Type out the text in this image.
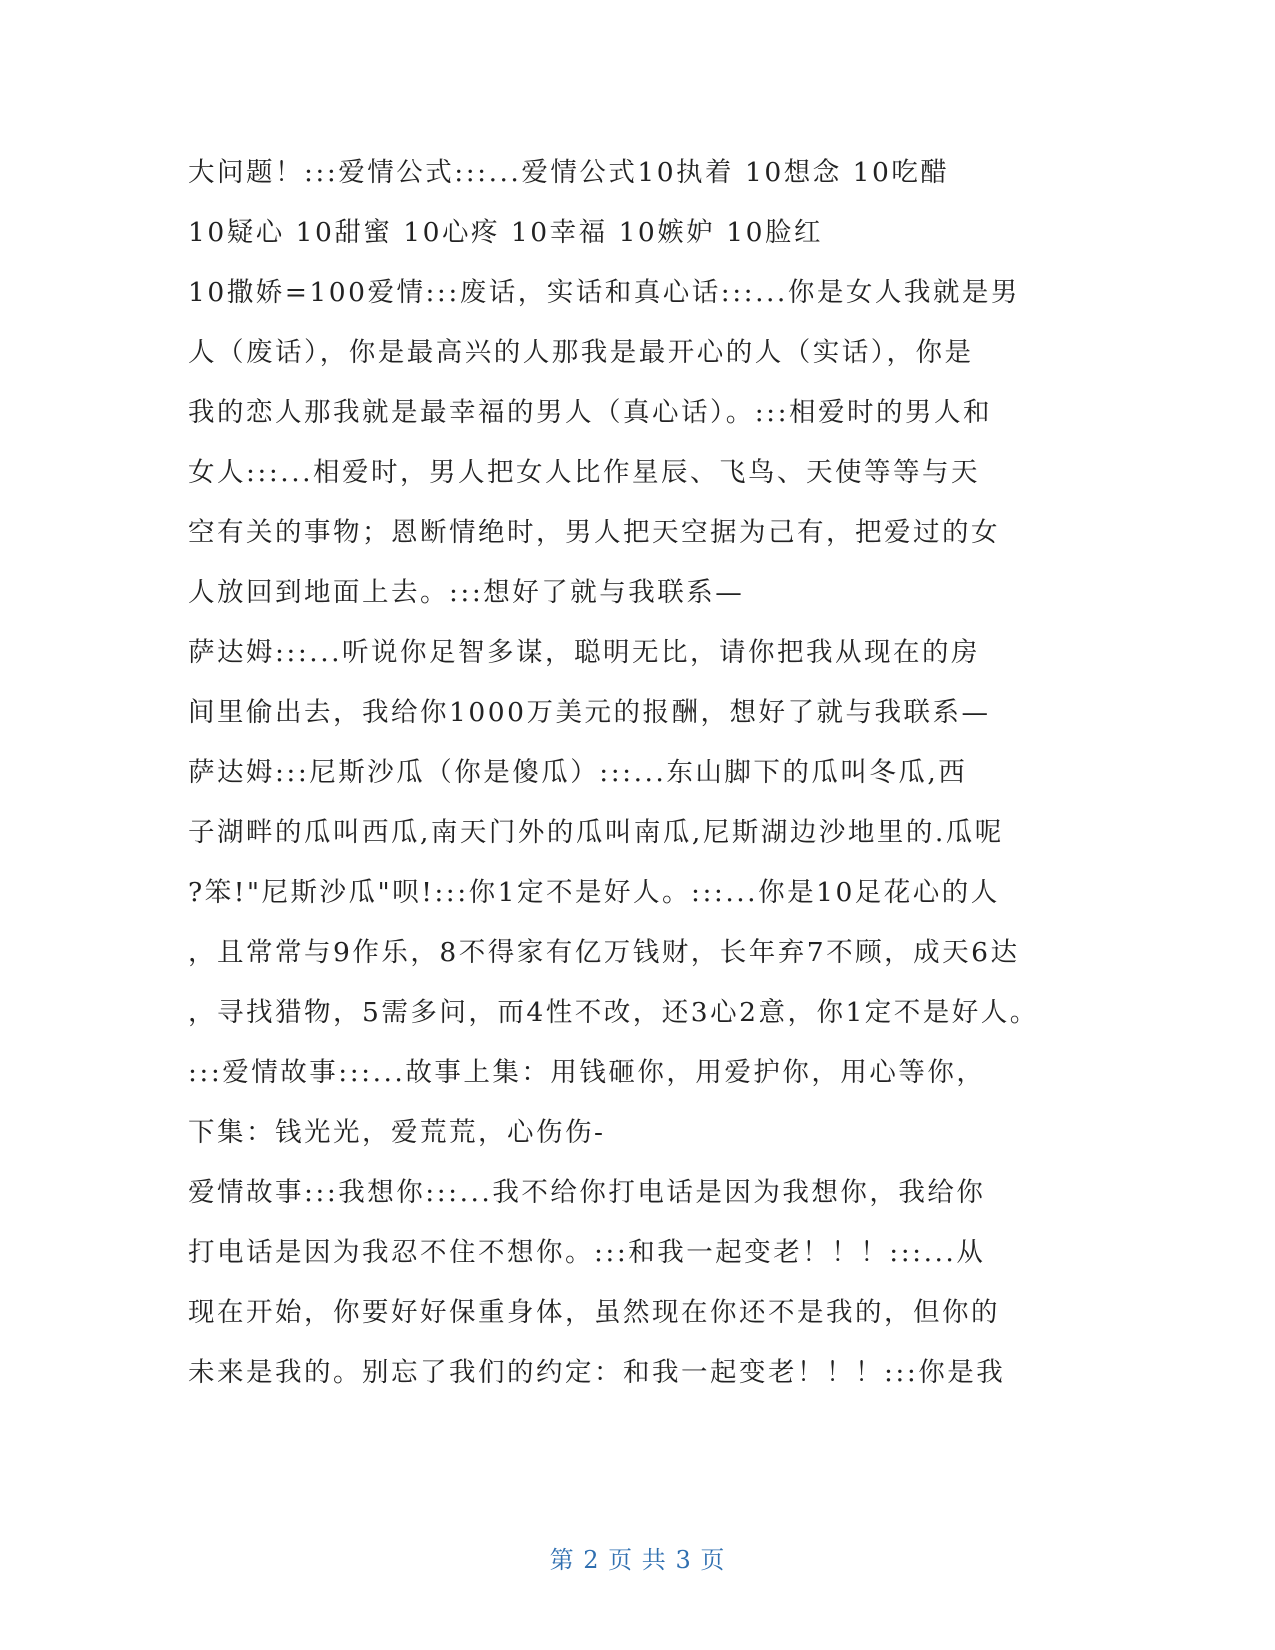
大问题！:::爱情公式:::...爱情公式10执着 10想念 10吃醋
10疑心 10甜蜜 10心疼 10幸福 10嫉妒 10脸红
10撒娇=100爱情:::废话，实话和真心话:::...你是女人我就是男
人（废话），你是最高兴的人那我是最开心的人（实话），你是
我的恋人那我就是最幸福的男人（真心话）。:::相爱时的男人和
女人:::...相爱时，男人把女人比作星辰、飞鸟、天使等等与天
空有关的事物；恩断情绝时，男人把天空据为己有，把爱过的女
人放回到地面上去。:::想好了就与我联系—
萨达姆:::...听说你足智多谋，聪明无比，请你把我从现在的房
间里偷出去，我给你1000万美元的报酬，想好了就与我联系—
萨达姆:::尼斯沙瓜（你是傻瓜）:::...东山脚下的瓜叫冬瓜,西
子湖畔的瓜叫西瓜,南天门外的瓜叫南瓜,尼斯湖边沙地里的.瓜呢
?笨!"尼斯沙瓜"呗!:::你1定不是好人。:::...你是10足花心的人
，且常常与9作乐，8不得家有亿万钱财，长年弃7不顾，成天6达
，寻找猎物，5需多问，而4性不改，还3心2意，你1定不是好人。
:::爱情故事:::...故事上集：用钱砸你，用爱护你，用心等你，
下集：钱光光，爱荒荒，心伤伤-
爱情故事:::我想你:::...我不给你打电话是因为我想你，我给你
打电话是因为我忍不住不想你。:::和我一起变老！！！:::...从
现在开始，你要好好保重身体，虽然现在你还不是我的，但你的
未来是我的。别忘了我们的约定：和我一起变老！！！:::你是我
第 2 页 共 3 页
